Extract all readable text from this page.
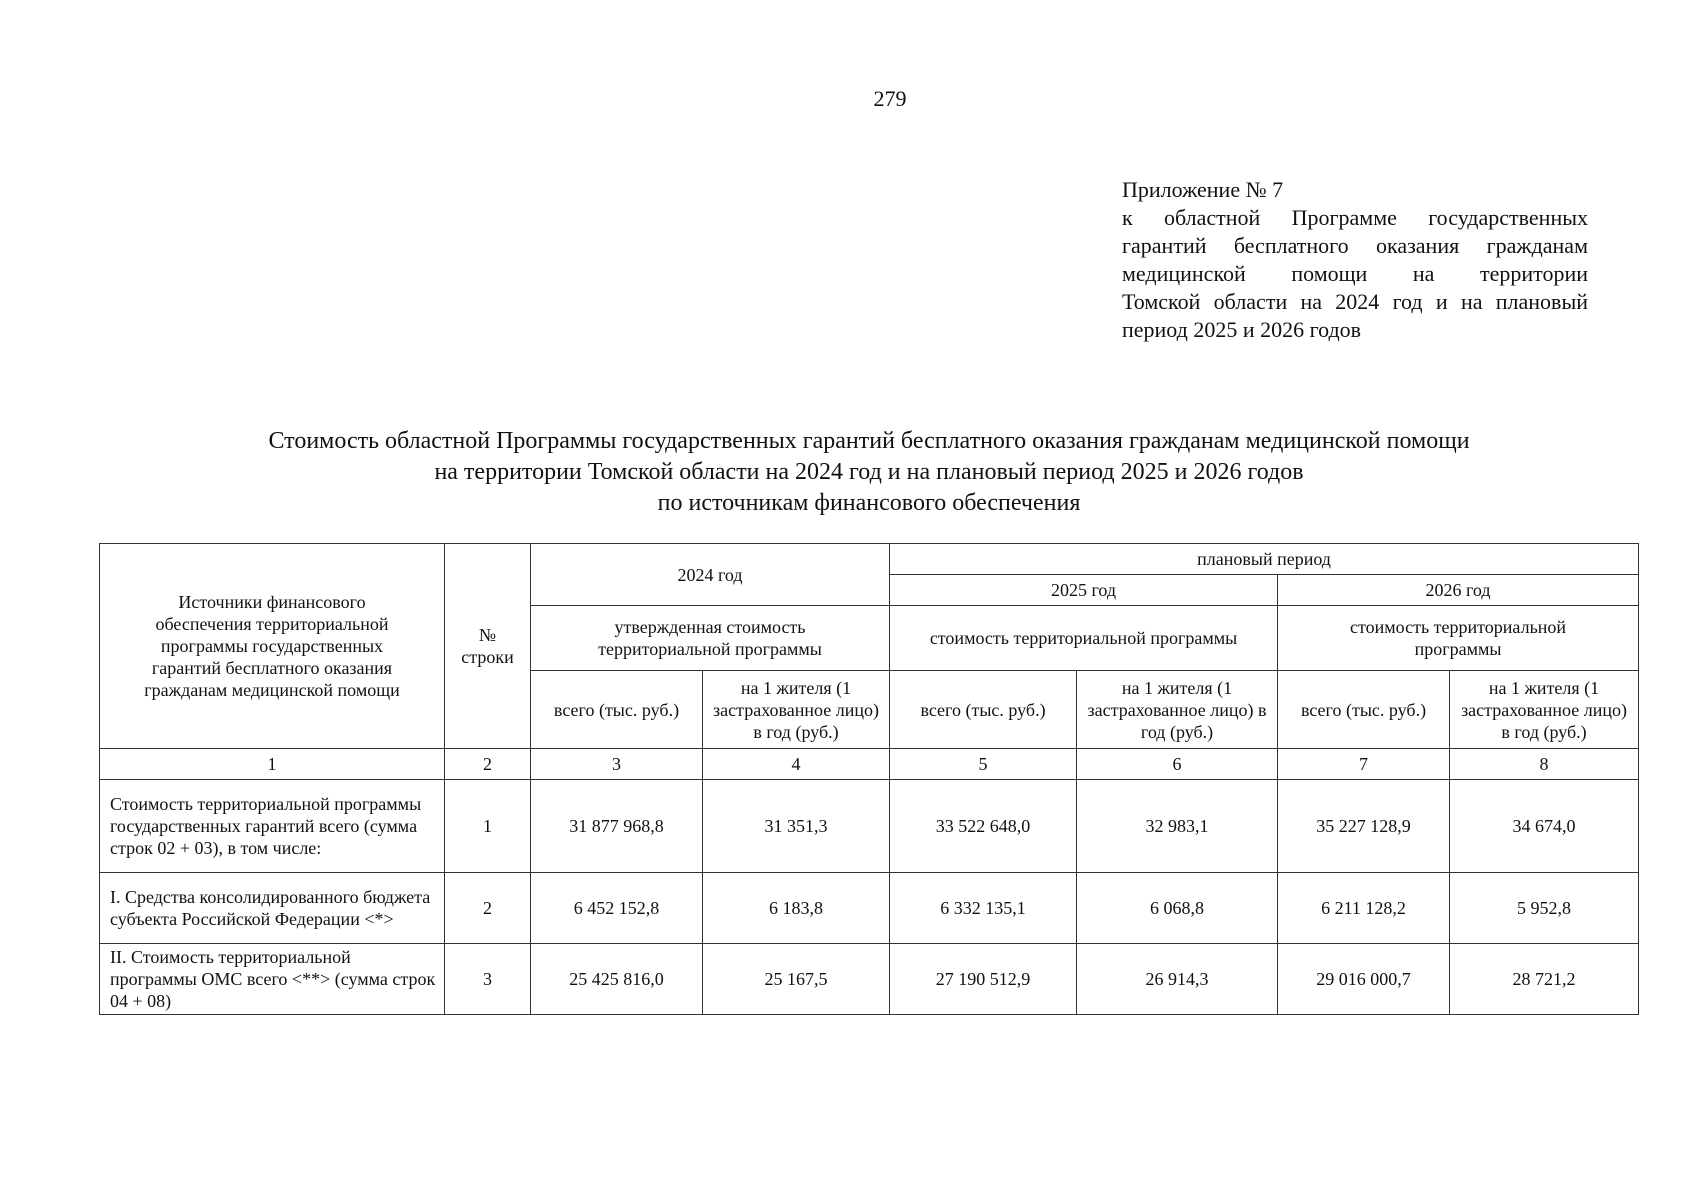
279
Приложение № 7
к областной Программе государственных
гарантий бесплатного оказания гражданам
медицинской помощи на территории
Томской области на 2024 год и на плановый
период 2025 и 2026 годов
Стоимость областной Программы государственных гарантий бесплатного оказания гражданам медицинской помощи
на территории Томской области на 2024 год и на плановый период 2025 и 2026 годов
по источникам финансового обеспечения
Источники финансового обеспечения территориальной программы государственных гарантий бесплатного оказания гражданам медицинской помощи	№ строки	2024 год		плановый период			
				2025 год		2026 год	
		утвержденная стоимость территориальной программы		стоимость территориальной программы		стоимость территориальной программы	
		всего (тыс. руб.)	на 1 жителя (1 застрахованное лицо) в год (руб.)	всего (тыс. руб.)	на 1 жителя (1 застрахованное лицо) в год (руб.)	всего (тыс. руб.)	на 1 жителя (1 застрахованное лицо) в год (руб.)
1	2	3	4	5	6	7	8
Стоимость территориальной программы государственных гарантий всего (сумма строк 02 + 03), в том числе:	1	31 877 968,8	31 351,3	33 522 648,0	32 983,1	35 227 128,9	34 674,0
I. Средства консолидированного бюджета субъекта Российской Федерации <*>	2	6 452 152,8	6 183,8	6 332 135,1	6 068,8	6 211 128,2	5 952,8
II. Стоимость территориальной программы ОМС всего <**> (сумма строк 04 + 08)	3	25 425 816,0	25 167,5	27 190 512,9	26 914,3	29 016 000,7	28 721,2
